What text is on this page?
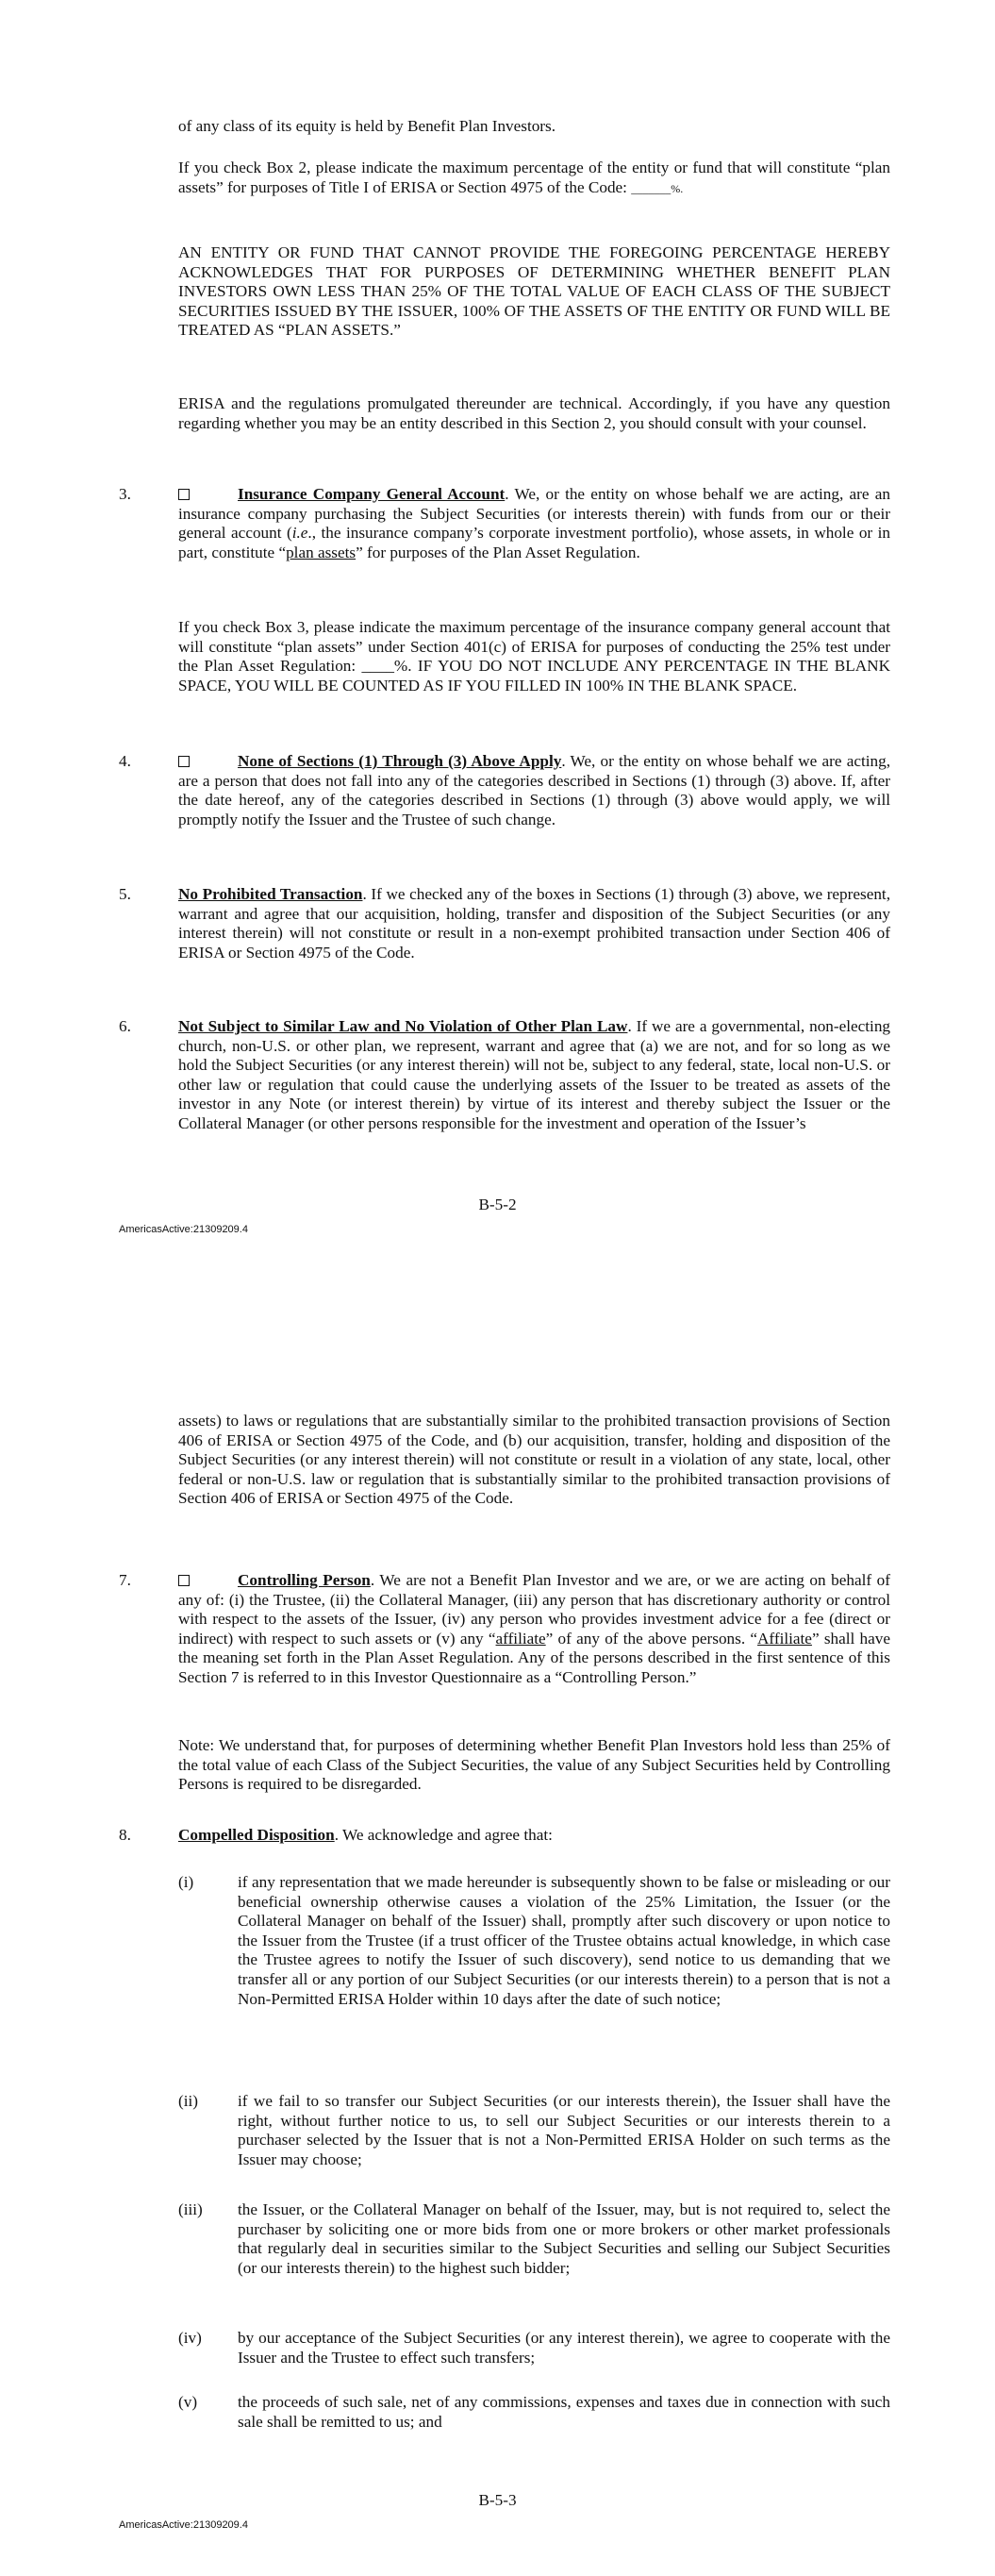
of any class of its equity is held by Benefit Plan Investors.

If you check Box 2, please indicate the maximum percentage of the entity or fund that will constitute “plan assets” for purposes of Title I of ERISA or Section 4975 of the Code: _______%.

AN ENTITY OR FUND THAT CANNOT PROVIDE THE FOREGOING PERCENTAGE HEREBY ACKNOWLEDGES THAT FOR PURPOSES OF DETERMINING WHETHER BENEFIT PLAN INVESTORS OWN LESS THAN 25% OF THE TOTAL VALUE OF EACH CLASS OF THE SUBJECT SECURITIES ISSUED BY THE ISSUER, 100% OF THE ASSETS OF THE ENTITY OR FUND WILL BE TREATED AS “PLAN ASSETS.”

ERISA and the regulations promulgated thereunder are technical. Accordingly, if you have any question regarding whether you may be an entity described in this Section 2, you should consult with your counsel.

3.	Insurance Company General Account. We, or the entity on whose behalf we are acting, are an insurance company purchasing the Subject Securities (or interests therein) with funds from our or their general account (i.e., the insurance company’s corporate investment portfolio), whose assets, in whole or in part, constitute “plan assets” for purposes of the Plan Asset Regulation.

If you check Box 3, please indicate the maximum percentage of the insurance company general account that will constitute “plan assets” under Section 401(c) of ERISA for purposes of conducting the 25% test under the Plan Asset Regulation: ____%. IF YOU DO NOT INCLUDE ANY PERCENTAGE IN THE BLANK SPACE, YOU WILL BE COUNTED AS IF YOU FILLED IN 100% IN THE BLANK SPACE.

4.	None of Sections (1) Through (3) Above Apply. We, or the entity on whose behalf we are acting, are a person that does not fall into any of the categories described in Sections (1) through (3) above. If, after the date hereof, any of the categories described in Sections (1) through (3) above would apply, we will promptly notify the Issuer and the Trustee of such change.

5.	No Prohibited Transaction. If we checked any of the boxes in Sections (1) through (3) above, we represent, warrant and agree that our acquisition, holding, transfer and disposition of the Subject Securities (or any interest therein) will not constitute or result in a non-exempt prohibited transaction under Section 406 of ERISA or Section 4975 of the Code.

6.	Not Subject to Similar Law and No Violation of Other Plan Law. If we are a governmental, non-electing church, non-U.S. or other plan, we represent, warrant and agree that (a) we are not, and for so long as we hold the Subject Securities (or any interest therein) will not be, subject to any federal, state, local non-U.S. or other law or regulation that could cause the underlying assets of the Issuer to be treated as assets of the investor in any Note (or interest therein) by virtue of its interest and thereby subject the Issuer or the Collateral Manager (or other persons responsible for the investment and operation of the Issuer’s

B-5-2
AmericasActive:21309209.4

assets) to laws or regulations that are substantially similar to the prohibited transaction provisions of Section 406 of ERISA or Section 4975 of the Code, and (b) our acquisition, transfer, holding and disposition of the Subject Securities (or any interest therein) will not constitute or result in a violation of any state, local, other federal or non-U.S. law or regulation that is substantially similar to the prohibited transaction provisions of Section 406 of ERISA or Section 4975 of the Code.

7.	Controlling Person. We are not a Benefit Plan Investor and we are, or we are acting on behalf of any of: (i) the Trustee, (ii) the Collateral Manager, (iii) any person that has discretionary authority or control with respect to the assets of the Issuer, (iv) any person who provides investment advice for a fee (direct or indirect) with respect to such assets or (v) any “affiliate” of any of the above persons. “Affiliate” shall have the meaning set forth in the Plan Asset Regulation. Any of the persons described in the first sentence of this Section 7 is referred to in this Investor Questionnaire as a “Controlling Person.”

Note: We understand that, for purposes of determining whether Benefit Plan Investors hold less than 25% of the total value of each Class of the Subject Securities, the value of any Subject Securities held by Controlling Persons is required to be disregarded.

8.	Compelled Disposition. We acknowledge and agree that:

(i)	if any representation that we made hereunder is subsequently shown to be false or misleading or our beneficial ownership otherwise causes a violation of the 25% Limitation, the Issuer (or the Collateral Manager on behalf of the Issuer) shall, promptly after such discovery or upon notice to the Issuer from the Trustee (if a trust officer of the Trustee obtains actual knowledge, in which case the Trustee agrees to notify the Issuer of such discovery), send notice to us demanding that we transfer all or any portion of our Subject Securities (or our interests therein) to a person that is not a Non-Permitted ERISA Holder within 10 days after the date of such notice;

(ii) if we fail to so transfer our Subject Securities (or our interests therein), the Issuer shall have the right, without further notice to us, to sell our Subject Securities or our interests therein to a purchaser selected by the Issuer that is not a Non-Permitted ERISA Holder on such terms as the Issuer may choose;

(iii) the Issuer, or the Collateral Manager on behalf of the Issuer, may, but is not required to, select the purchaser by soliciting one or more bids from one or more brokers or other market professionals that regularly deal in securities similar to the Subject Securities and selling our Subject Securities (or our interests therein) to the highest such bidder;

(iv) by our acceptance of the Subject Securities (or any interest therein), we agree to cooperate with the Issuer and the Trustee to effect such transfers;

(v) the proceeds of such sale, net of any commissions, expenses and taxes due in connection with such sale shall be remitted to us; and

B-5-3
AmericasActive:21309209.4
